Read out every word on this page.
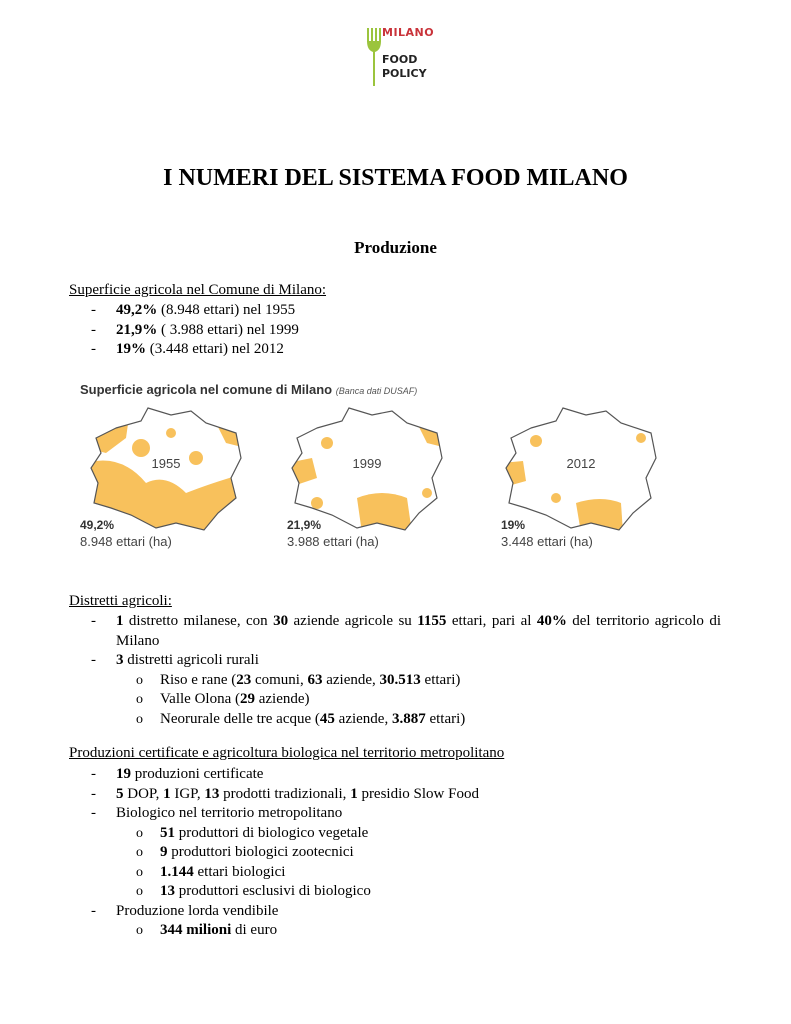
MILANO
FOOD
POLICY
I NUMERI DEL SISTEMA FOOD MILANO
Produzione
Superficie agricola nel Comune di Milano:
- 49,2% (8.948 ettari) nel 1955
- 21,9% ( 3.988 ettari) nel 1999
- 19% (3.448 ettari) nel 2012
Superficie agricola nel comune di Milano (Banca dati DUSAF)
1955
49,2%
8.948 ettari (ha)
1999
21,9%
3.988 ettari (ha)
2012
19%
3.448 ettari (ha)
Distretti agricoli:
- 1 distretto milanese, con 30 aziende agricole su 1155 ettari, pari al 40% del territorio agricolo di Milano
- 3 distretti agricoli rurali
o Riso e rane (23 comuni, 63 aziende, 30.513 ettari)
o Valle Olona (29 aziende)
o Neorurale delle tre acque (45 aziende, 3.887 ettari)
Produzioni certificate e agricoltura biologica nel territorio metropolitano
- 19 produzioni certificate
- 5 DOP, 1 IGP, 13 prodotti tradizionali, 1 presidio Slow Food
- Biologico nel territorio metropolitano
o 51 produttori di biologico vegetale
o 9 produttori biologici zootecnici
o 1.144 ettari biologici
o 13 produttori esclusivi di biologico
- Produzione lorda vendibile
o 344 milioni di euro
